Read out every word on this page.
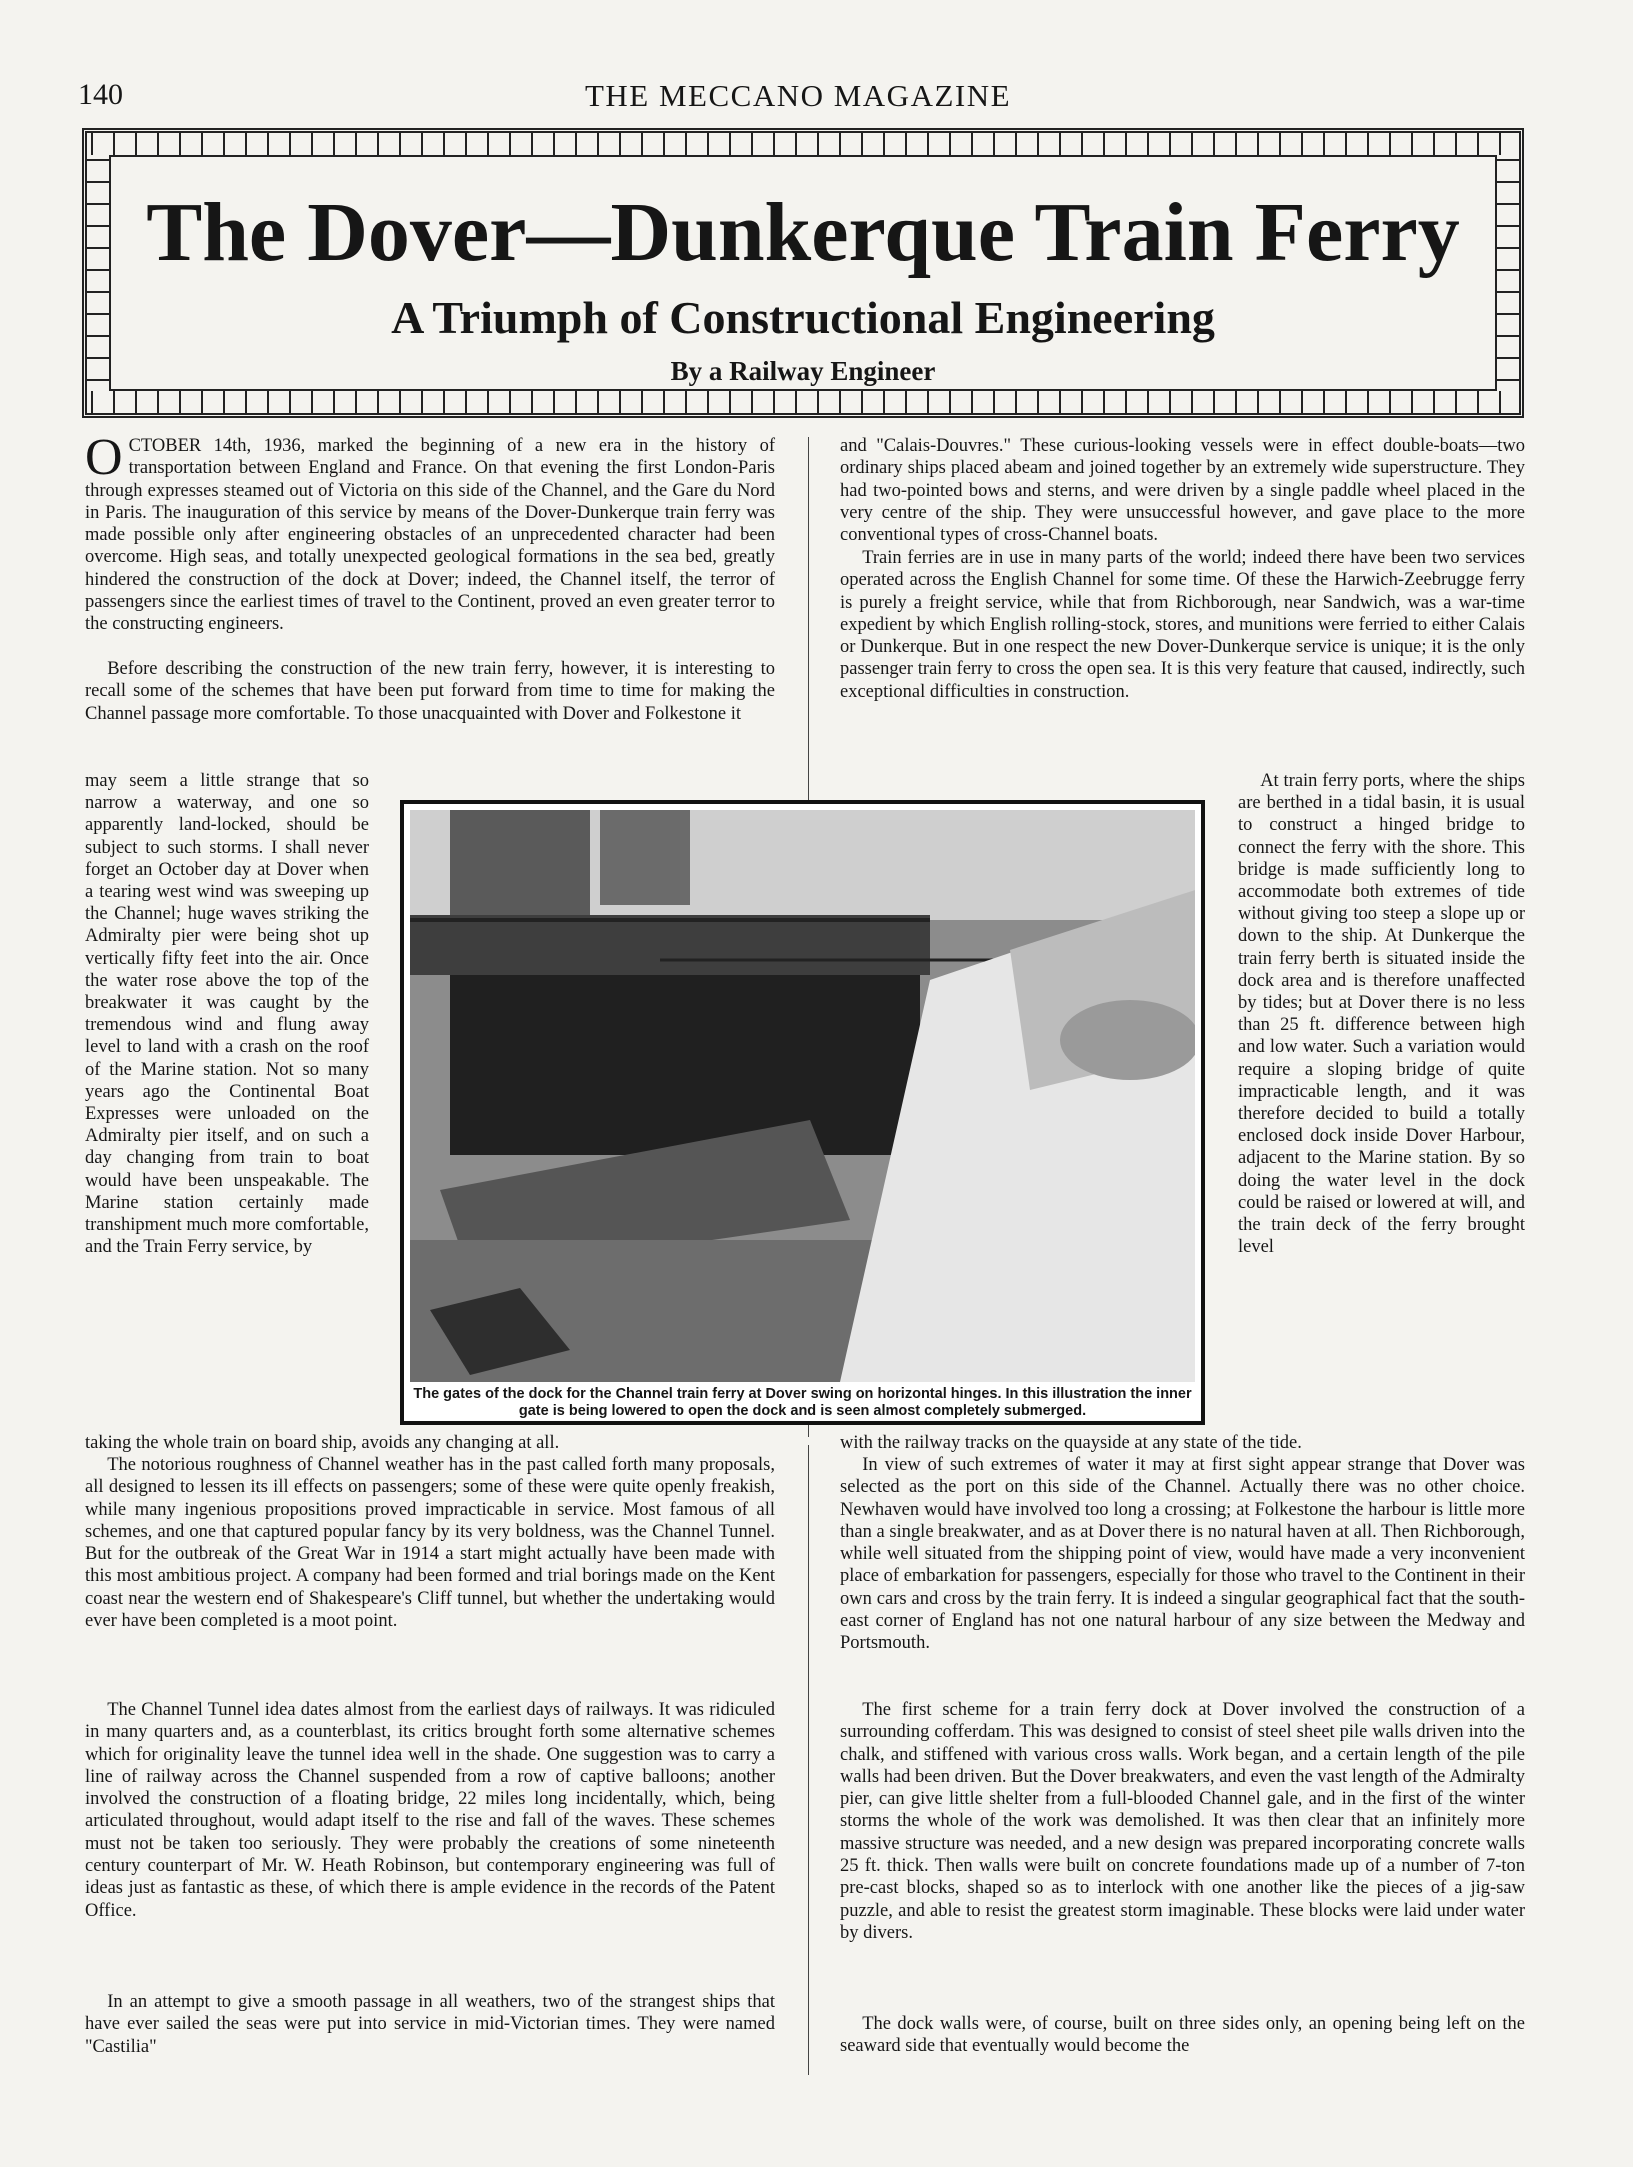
140	THE MECCANO MAGAZINE
The Dover—Dunkerque Train Ferry
A Triumph of Constructional Engineering
By a Railway Engineer
OCTOBER 14th, 1936, marked the beginning of a new era in the history of transportation between England and France. On that evening the first London-Paris through expresses steamed out of Victoria on this side of the Channel, and the Gare du Nord in Paris. The inauguration of this service by means of the Dover-Dunkerque train ferry was made possible only after engineering obstacles of an unprecedented character had been overcome. High seas, and totally unexpected geological formations in the sea bed, greatly hindered the construction of the dock at Dover; indeed, the Channel itself, the terror of passengers since the earliest times of travel to the Continent, proved an even greater terror to the constructing engineers.
Before describing the construction of the new train ferry, however, it is interesting to recall some of the schemes that have been put forward from time to time for making the Channel passage more comfortable. To those unacquainted with Dover and Folkestone it
may seem a little strange that so narrow a waterway, and one so apparently land-locked, should be subject to such storms. I shall never forget an October day at Dover when a tearing west wind was sweeping up the Channel; huge waves striking the Admiralty pier were being shot up vertically fifty feet into the air. Once the water rose above the top of the breakwater it was caught by the tremendous wind and flung away level to land with a crash on the roof of the Marine station. Not so many years ago the Continental Boat Expresses were unloaded on the Admiralty pier itself, and on such a day changing from train to boat would have been unspeakable. The Marine station certainly made transhipment much more comfortable, and the Train Ferry service, by
taking the whole train on board ship, avoids any changing at all.
The notorious roughness of Channel weather has in the past called forth many proposals, all designed to lessen its ill effects on passengers; some of these were quite openly freakish, while many ingenious propositions proved impracticable in service. Most famous of all schemes, and one that captured popular fancy by its very boldness, was the Channel Tunnel. But for the outbreak of the Great War in 1914 a start might actually have been made with this most ambitious project. A company had been formed and trial borings made on the Kent coast near the western end of Shakespeare's Cliff tunnel, but whether the undertaking would ever have been completed is a moot point.
The Channel Tunnel idea dates almost from the earliest days of railways. It was ridiculed in many quarters and, as a counterblast, its critics brought forth some alternative schemes which for originality leave the tunnel idea well in the shade. One suggestion was to carry a line of railway across the Channel suspended from a row of captive balloons; another involved the construction of a floating bridge, 22 miles long incidentally, which, being articulated throughout, would adapt itself to the rise and fall of the waves. These schemes must not be taken too seriously. They were probably the creations of some nineteenth century counterpart of Mr. W. Heath Robinson, but contemporary engineering was full of ideas just as fantastic as these, of which there is ample evidence in the records of the Patent Office.
In an attempt to give a smooth passage in all weathers, two of the strangest ships that have ever sailed the seas were put into service in mid-Victorian times. They were named "Castilia"
and "Calais-Douvres." These curious-looking vessels were in effect double-boats—two ordinary ships placed abeam and joined together by an extremely wide superstructure. They had two-pointed bows and sterns, and were driven by a single paddle wheel placed in the very centre of the ship. They were unsuccessful however, and gave place to the more conventional types of cross-Channel boats.
Train ferries are in use in many parts of the world; indeed there have been two services operated across the English Channel for some time. Of these the Harwich-Zeebrugge ferry is purely a freight service, while that from Richborough, near Sandwich, was a war-time expedient by which English rolling-stock, stores, and munitions were ferried to either Calais or Dunkerque. But in one respect the new Dover-Dunkerque service is unique; it is the only passenger train ferry to cross the open sea. It is this very feature that caused, indirectly, such exceptional difficulties in construction.
At train ferry ports, where the ships are berthed in a tidal basin, it is usual to construct a hinged bridge to connect the ferry with the shore. This bridge is made sufficiently long to accommodate both extremes of tide without giving too steep a slope up or down to the ship. At Dunkerque the train ferry berth is situated inside the dock area and is therefore unaffected by tides; but at Dover there is no less than 25 ft. difference between high and low water. Such a variation would require a sloping bridge of quite impracticable length, and it was therefore decided to build a totally enclosed dock inside Dover Harbour, adjacent to the Marine station. By so doing the water level in the dock could be raised or lowered at will, and the train deck of the ferry brought level
with the railway tracks on the quayside at any state of the tide.
In view of such extremes of water it may at first sight appear strange that Dover was selected as the port on this side of the Channel. Actually there was no other choice. Newhaven would have involved too long a crossing; at Folkestone the harbour is little more than a single breakwater, and as at Dover there is no natural haven at all. Then Richborough, while well situated from the shipping point of view, would have made a very inconvenient place of embarkation for passengers, especially for those who travel to the Continent in their own cars and cross by the train ferry. It is indeed a singular geographical fact that the south-east corner of England has not one natural harbour of any size between the Medway and Portsmouth.
The first scheme for a train ferry dock at Dover involved the construction of a surrounding cofferdam. This was designed to consist of steel sheet pile walls driven into the chalk, and stiffened with various cross walls. Work began, and a certain length of the pile walls had been driven. But the Dover breakwaters, and even the vast length of the Admiralty pier, can give little shelter from a full-blooded Channel gale, and in the first of the winter storms the whole of the work was demolished. It was then clear that an infinitely more massive structure was needed, and a new design was prepared incorporating concrete walls 25 ft. thick. Then walls were built on concrete foundations made up of a number of 7-ton pre-cast blocks, shaped so as to interlock with one another like the pieces of a jig-saw puzzle, and able to resist the greatest storm imaginable. These blocks were laid under water by divers.
The dock walls were, of course, built on three sides only, an opening being left on the seaward side that eventually would become the
The gates of the dock for the Channel train ferry at Dover swing on horizontal hinges. In this illustration the inner gate is being lowered to open the dock and is seen almost completely submerged.
